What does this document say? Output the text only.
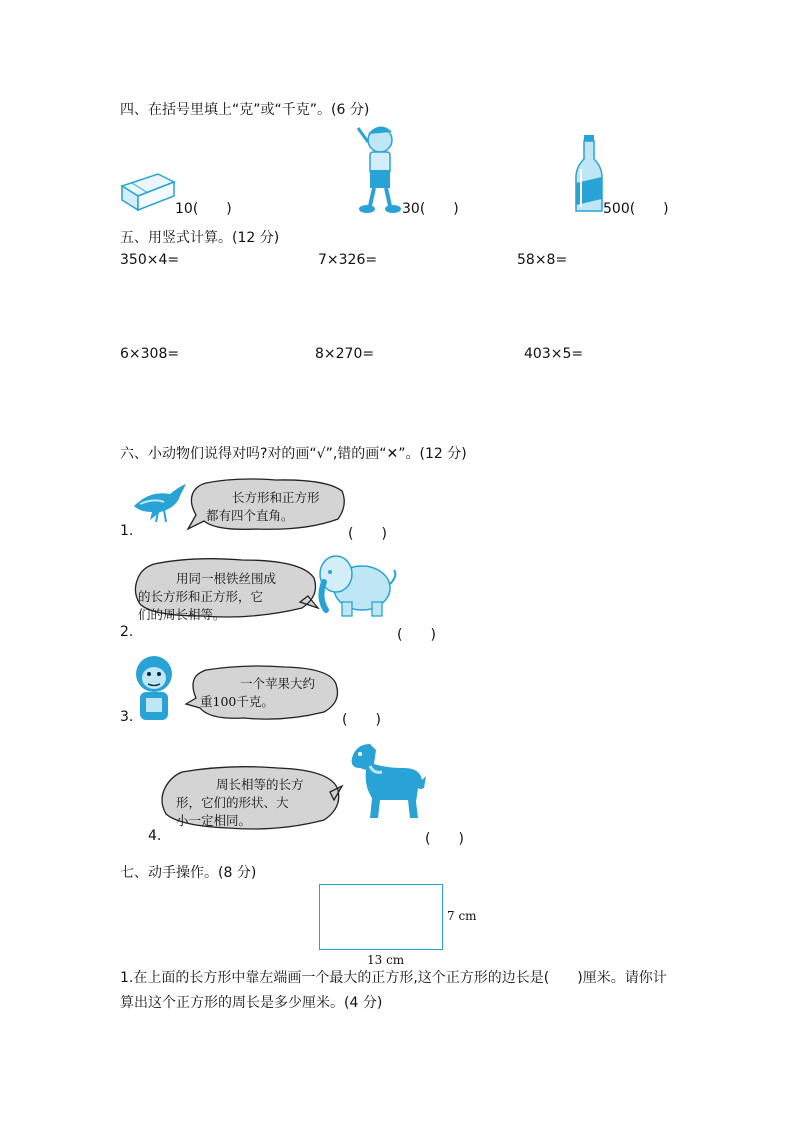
四、在括号里填上“克”或“千克”。(6 分)
10(　　)	30(　　)	500(　　)
五、用竖式计算。(12 分)
350×4=	7×326=	58×8=
6×308=	8×270=	403×5=
六、小动物们说得对吗?对的画“√”,错的画“✕”。(12 分)
长方形和正方形
都有四个直角。
1.	(　　)
用同一根铁丝围成
的长方形和正方形，它
们的周长相等。
2.	(　　)
一个苹果大约
重100千克。
3.	(　　)
周长相等的长方
形，它们的形状、大
小一定相同。
4.	(　　)
七、动手操作。(8 分)
7 cm
13 cm
1.在上面的长方形中靠左端画一个最大的正方形,这个正方形的边长是(　　)厘米。请你计算出这个正方形的周长是多少厘米。(4 分)
